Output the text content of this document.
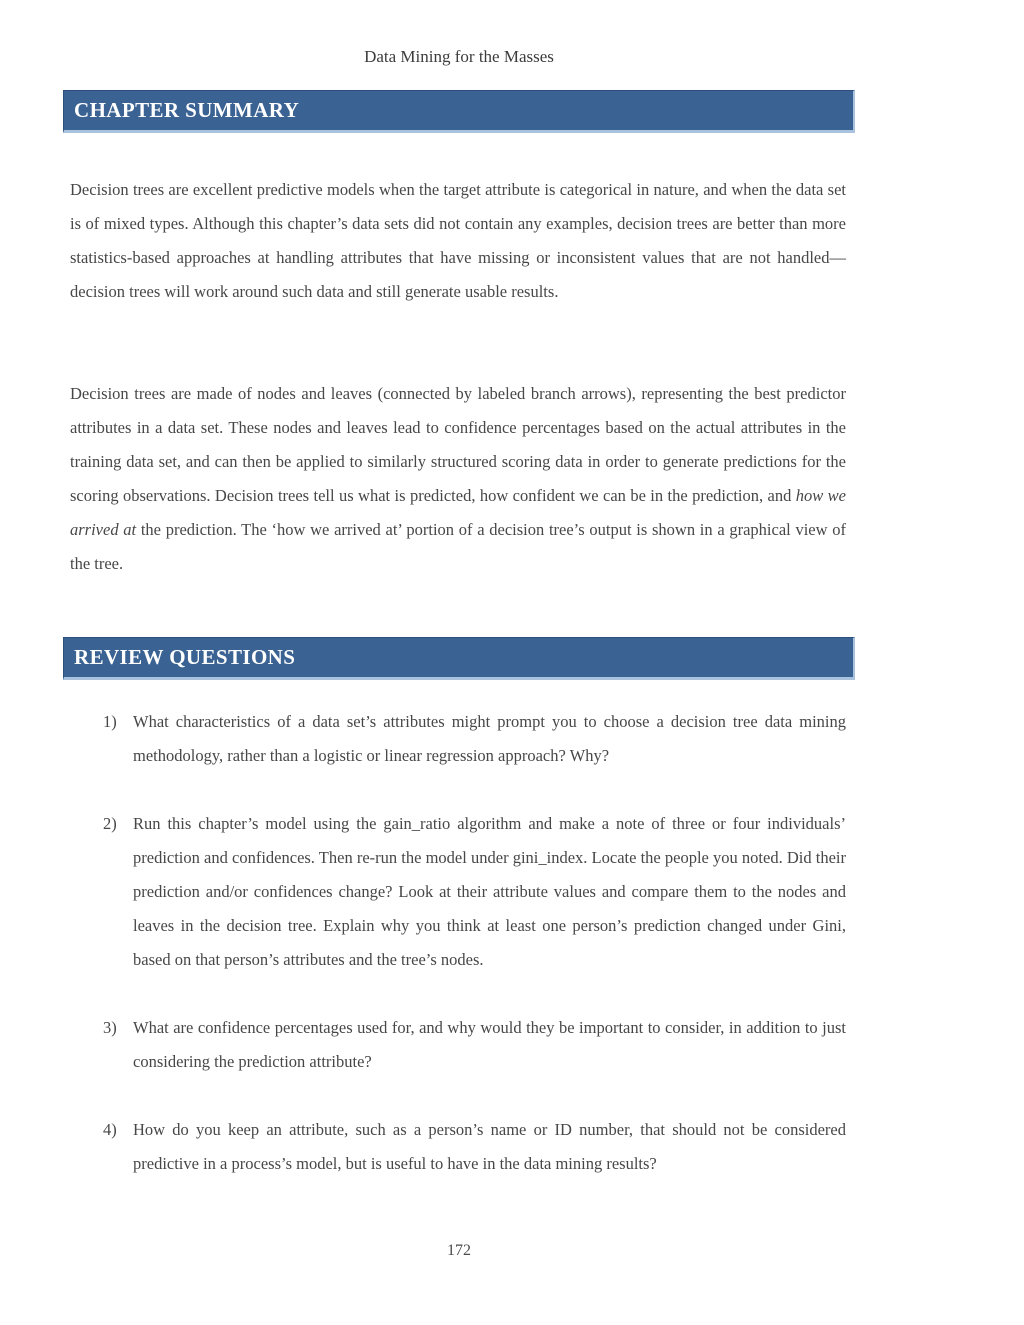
Data Mining for the Masses
CHAPTER SUMMARY

Decision trees are excellent predictive models when the target attribute is categorical in nature, and when the data set is of mixed types. Although this chapter’s data sets did not contain any examples, decision trees are better than more statistics-based approaches at handling attributes that have missing or inconsistent values that are not handled—decision trees will work around such data and still generate usable results.

Decision trees are made of nodes and leaves (connected by labeled branch arrows), representing the best predictor attributes in a data set. These nodes and leaves lead to confidence percentages based on the actual attributes in the training data set, and can then be applied to similarly structured scoring data in order to generate predictions for the scoring observations. Decision trees tell us what is predicted, how confident we can be in the prediction, and how we arrived at the prediction. The ‘how we arrived at’ portion of a decision tree’s output is shown in a graphical view of the tree.

REVIEW QUESTIONS
1) What characteristics of a data set’s attributes might prompt you to choose a decision tree data mining methodology, rather than a logistic or linear regression approach? Why?
2) Run this chapter’s model using the gain_ratio algorithm and make a note of three or four individuals’ prediction and confidences. Then re-run the model under gini_index. Locate the people you noted. Did their prediction and/or confidences change? Look at their attribute values and compare them to the nodes and leaves in the decision tree. Explain why you think at least one person’s prediction changed under Gini, based on that person’s attributes and the tree’s nodes.
3) What are confidence percentages used for, and why would they be important to consider, in addition to just considering the prediction attribute?
4) How do you keep an attribute, such as a person’s name or ID number, that should not be considered predictive in a process’s model, but is useful to have in the data mining results?
172
